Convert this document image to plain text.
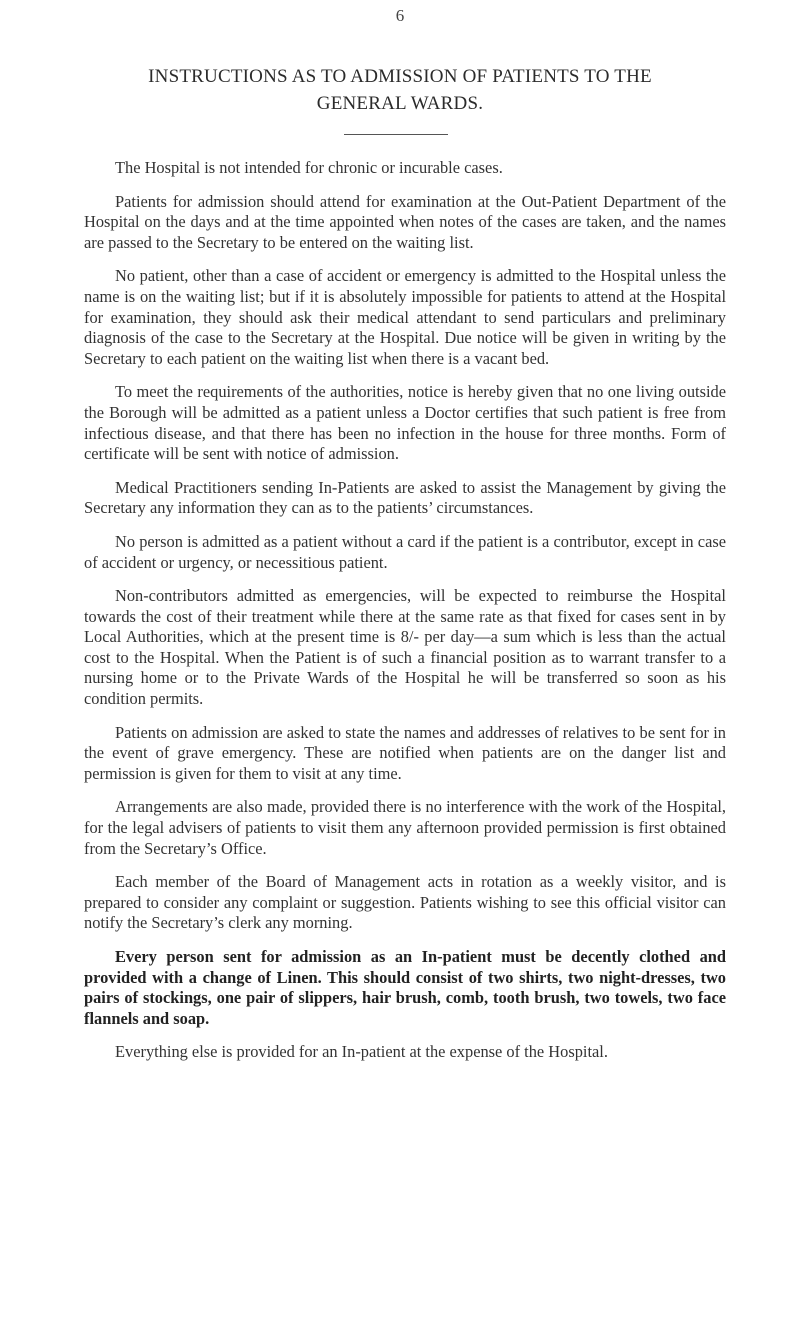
6
INSTRUCTIONS AS TO ADMISSION OF PATIENTS TO THE
GENERAL WARDS.

The Hospital is not intended for chronic or incurable cases.

Patients for admission should attend for examination at the Out-Patient Department of the Hospital on the days and at the time appointed when notes of the cases are taken, and the names are passed to the Secretary to be entered on the waiting list.

No patient, other than a case of accident or emergency is admitted to the Hospital unless the name is on the waiting list; but if it is absolutely impossible for patients to attend at the Hospital for examination, they should ask their medical attendant to send particulars and preliminary diagnosis of the case to the Secretary at the Hospital. Due notice will be given in writing by the Secretary to each patient on the waiting list when there is a vacant bed.

To meet the requirements of the authorities, notice is hereby given that no one living outside the Borough will be admitted as a patient unless a Doctor certifies that such patient is free from infectious disease, and that there has been no infection in the house for three months. Form of certificate will be sent with notice of admission.

Medical Practitioners sending In-Patients are asked to assist the Management by giving the Secretary any information they can as to the patients’ circumstances.

No person is admitted as a patient without a card if the patient is a contributor, except in case of accident or urgency, or necessitious patient.

Non-contributors admitted as emergencies, will be expected to reimburse the Hospital towards the cost of their treatment while there at the same rate as that fixed for cases sent in by Local Authorities, which at the present time is 8/- per day—a sum which is less than the actual cost to the Hospital. When the Patient is of such a financial position as to warrant transfer to a nursing home or to the Private Wards of the Hospital he will be transferred so soon as his condition permits.

Patients on admission are asked to state the names and addresses of relatives to be sent for in the event of grave emergency. These are notified when patients are on the danger list and permission is given for them to visit at any time.

Arrangements are also made, provided there is no interference with the work of the Hospital, for the legal advisers of patients to visit them any afternoon provided permission is first obtained from the Secretary’s Office.

Each member of the Board of Management acts in rotation as a weekly visitor, and is prepared to consider any complaint or suggestion. Patients wishing to see this official visitor can notify the Secretary’s clerk any morning.

Every person sent for admission as an In-patient must be decently clothed and provided with a change of Linen. This should consist of two shirts, two night-dresses, two pairs of stockings, one pair of slippers, hair brush, comb, tooth brush, two towels, two face flannels and soap.

Everything else is provided for an In-patient at the expense of the Hospital.
